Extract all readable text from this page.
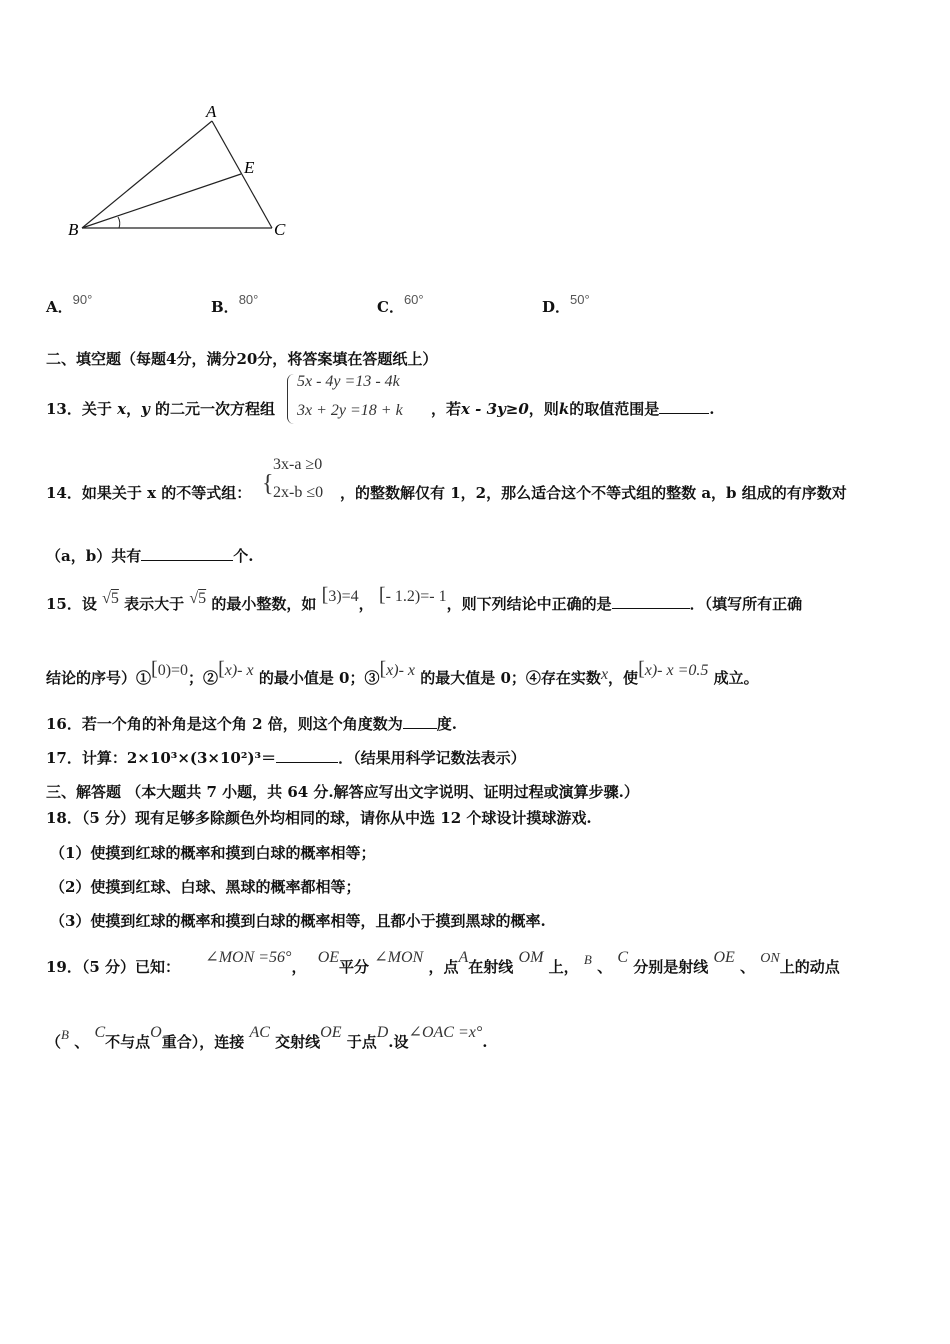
A
E
B	C
A．$^{90^\circ}$	B．$^{80^\circ}$	C．$^{60^\circ}$	D．$^{50^\circ}$
二、填空题（每题4分，满分20分，将答案填在答题纸上）
13．关于 x，y 的二元一次方程组
5x - 4y =13 - 4k
3x + 2y =18 + k ，若x - 3y≥0，则k的取值范围是	.
14．如果关于 x 的不等式组： {
3x-a ≥0
2x-b ≤0 ，的整数解仅有 1，2，那么适合这个不等式组的整数 a，b 组成的有序数对
（a，b）共有	个.
15．设 √5 表示大于 √5 的最小整数，如 [3)=4， [- 1.2)=- 1，则下列结论中正确的是	．（填写所有正确
结论的序号）①[0)=0；②[x)- x 的最小值是 0；③[x)- x 的最大值是 0；④存在实数x，使[x)- x =0.5 成立。
16．若一个角的补角是这个角 2 倍，则这个角度数为 度.
17．计算：2×10³×(3×10²)³＝	．（结果用科学记数法表示）
三、解答题 （本大题共 7 小题，共 64 分.解答应写出文字说明、证明过程或演算步骤.）
18．（5 分）现有足够多除颜色外均相同的球，请你从中选 12 个球设计摸球游戏.
（1）使摸到红球的概率和摸到白球的概率相等；
（2）使摸到红球、白球、黑球的概率都相等；
（3）使摸到红球的概率和摸到白球的概率相等，且都小于摸到黑球的概率.
19．（5 分）已知： ∠MON =56°， OE平分 ∠MON ，点A在射线 OM 上， B 、 C 分别是射线 OE 、 ON上的动点
（B 、 C不与点O重合），连接 AC 交射线OE 于点D.设∠OAC =x°.
